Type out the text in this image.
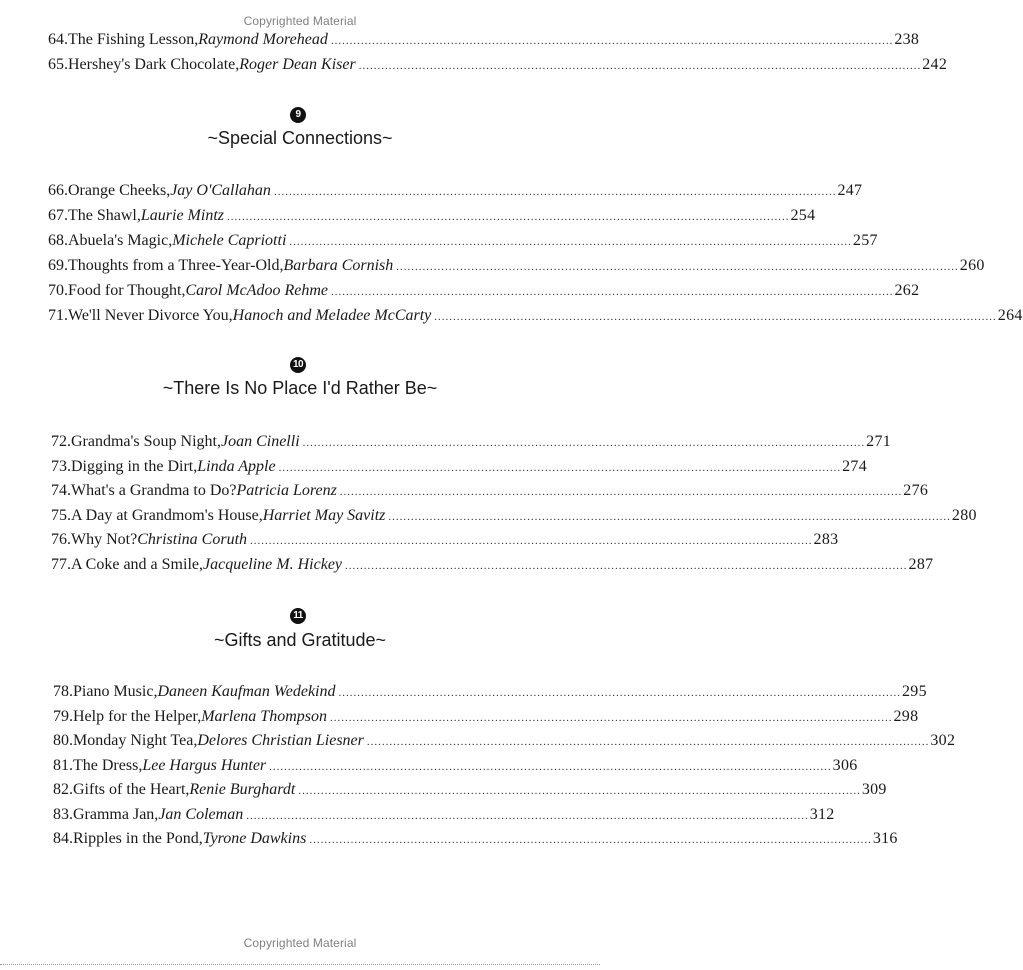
Copyrighted Material
64. The Fishing Lesson, Raymond Morehead ...................................................................................................................................................... 238
65. Hershey's Dark Chocolate, Roger Dean Kiser ...................................................................................................................................................... 242
9
~Special Connections~
66. Orange Cheeks, Jay O'Callahan ...................................................................................................................................................... 247
67. The Shawl, Laurie Mintz ...................................................................................................................................................... 254
68. Abuela's Magic, Michele Capriotti ...................................................................................................................................................... 257
69. Thoughts from a Three-Year-Old, Barbara Cornish ...................................................................................................................................................... 260
70. Food for Thought, Carol McAdoo Rehme ...................................................................................................................................................... 262
71. We'll Never Divorce You, Hanoch and Meladee McCarty ...................................................................................................................................................... 264
10
~There Is No Place I'd Rather Be~
72. Grandma's Soup Night, Joan Cinelli ...................................................................................................................................................... 271
73. Digging in the Dirt, Linda Apple ...................................................................................................................................................... 274
74. What's a Grandma to Do? Patricia Lorenz ...................................................................................................................................................... 276
75. A Day at Grandmom's House, Harriet May Savitz ...................................................................................................................................................... 280
76. Why Not? Christina Coruth ...................................................................................................................................................... 283
77. A Coke and a Smile, Jacqueline M. Hickey ...................................................................................................................................................... 287
11
~Gifts and Gratitude~
78. Piano Music, Daneen Kaufman Wedekind ...................................................................................................................................................... 295
79. Help for the Helper, Marlena Thompson ...................................................................................................................................................... 298
80. Monday Night Tea, Delores Christian Liesner ...................................................................................................................................................... 302
81. The Dress, Lee Hargus Hunter ...................................................................................................................................................... 306
82. Gifts of the Heart, Renie Burghardt ...................................................................................................................................................... 309
83. Gramma Jan, Jan Coleman ...................................................................................................................................................... 312
84. Ripples in the Pond, Tyrone Dawkins ...................................................................................................................................................... 316
Copyrighted Material
